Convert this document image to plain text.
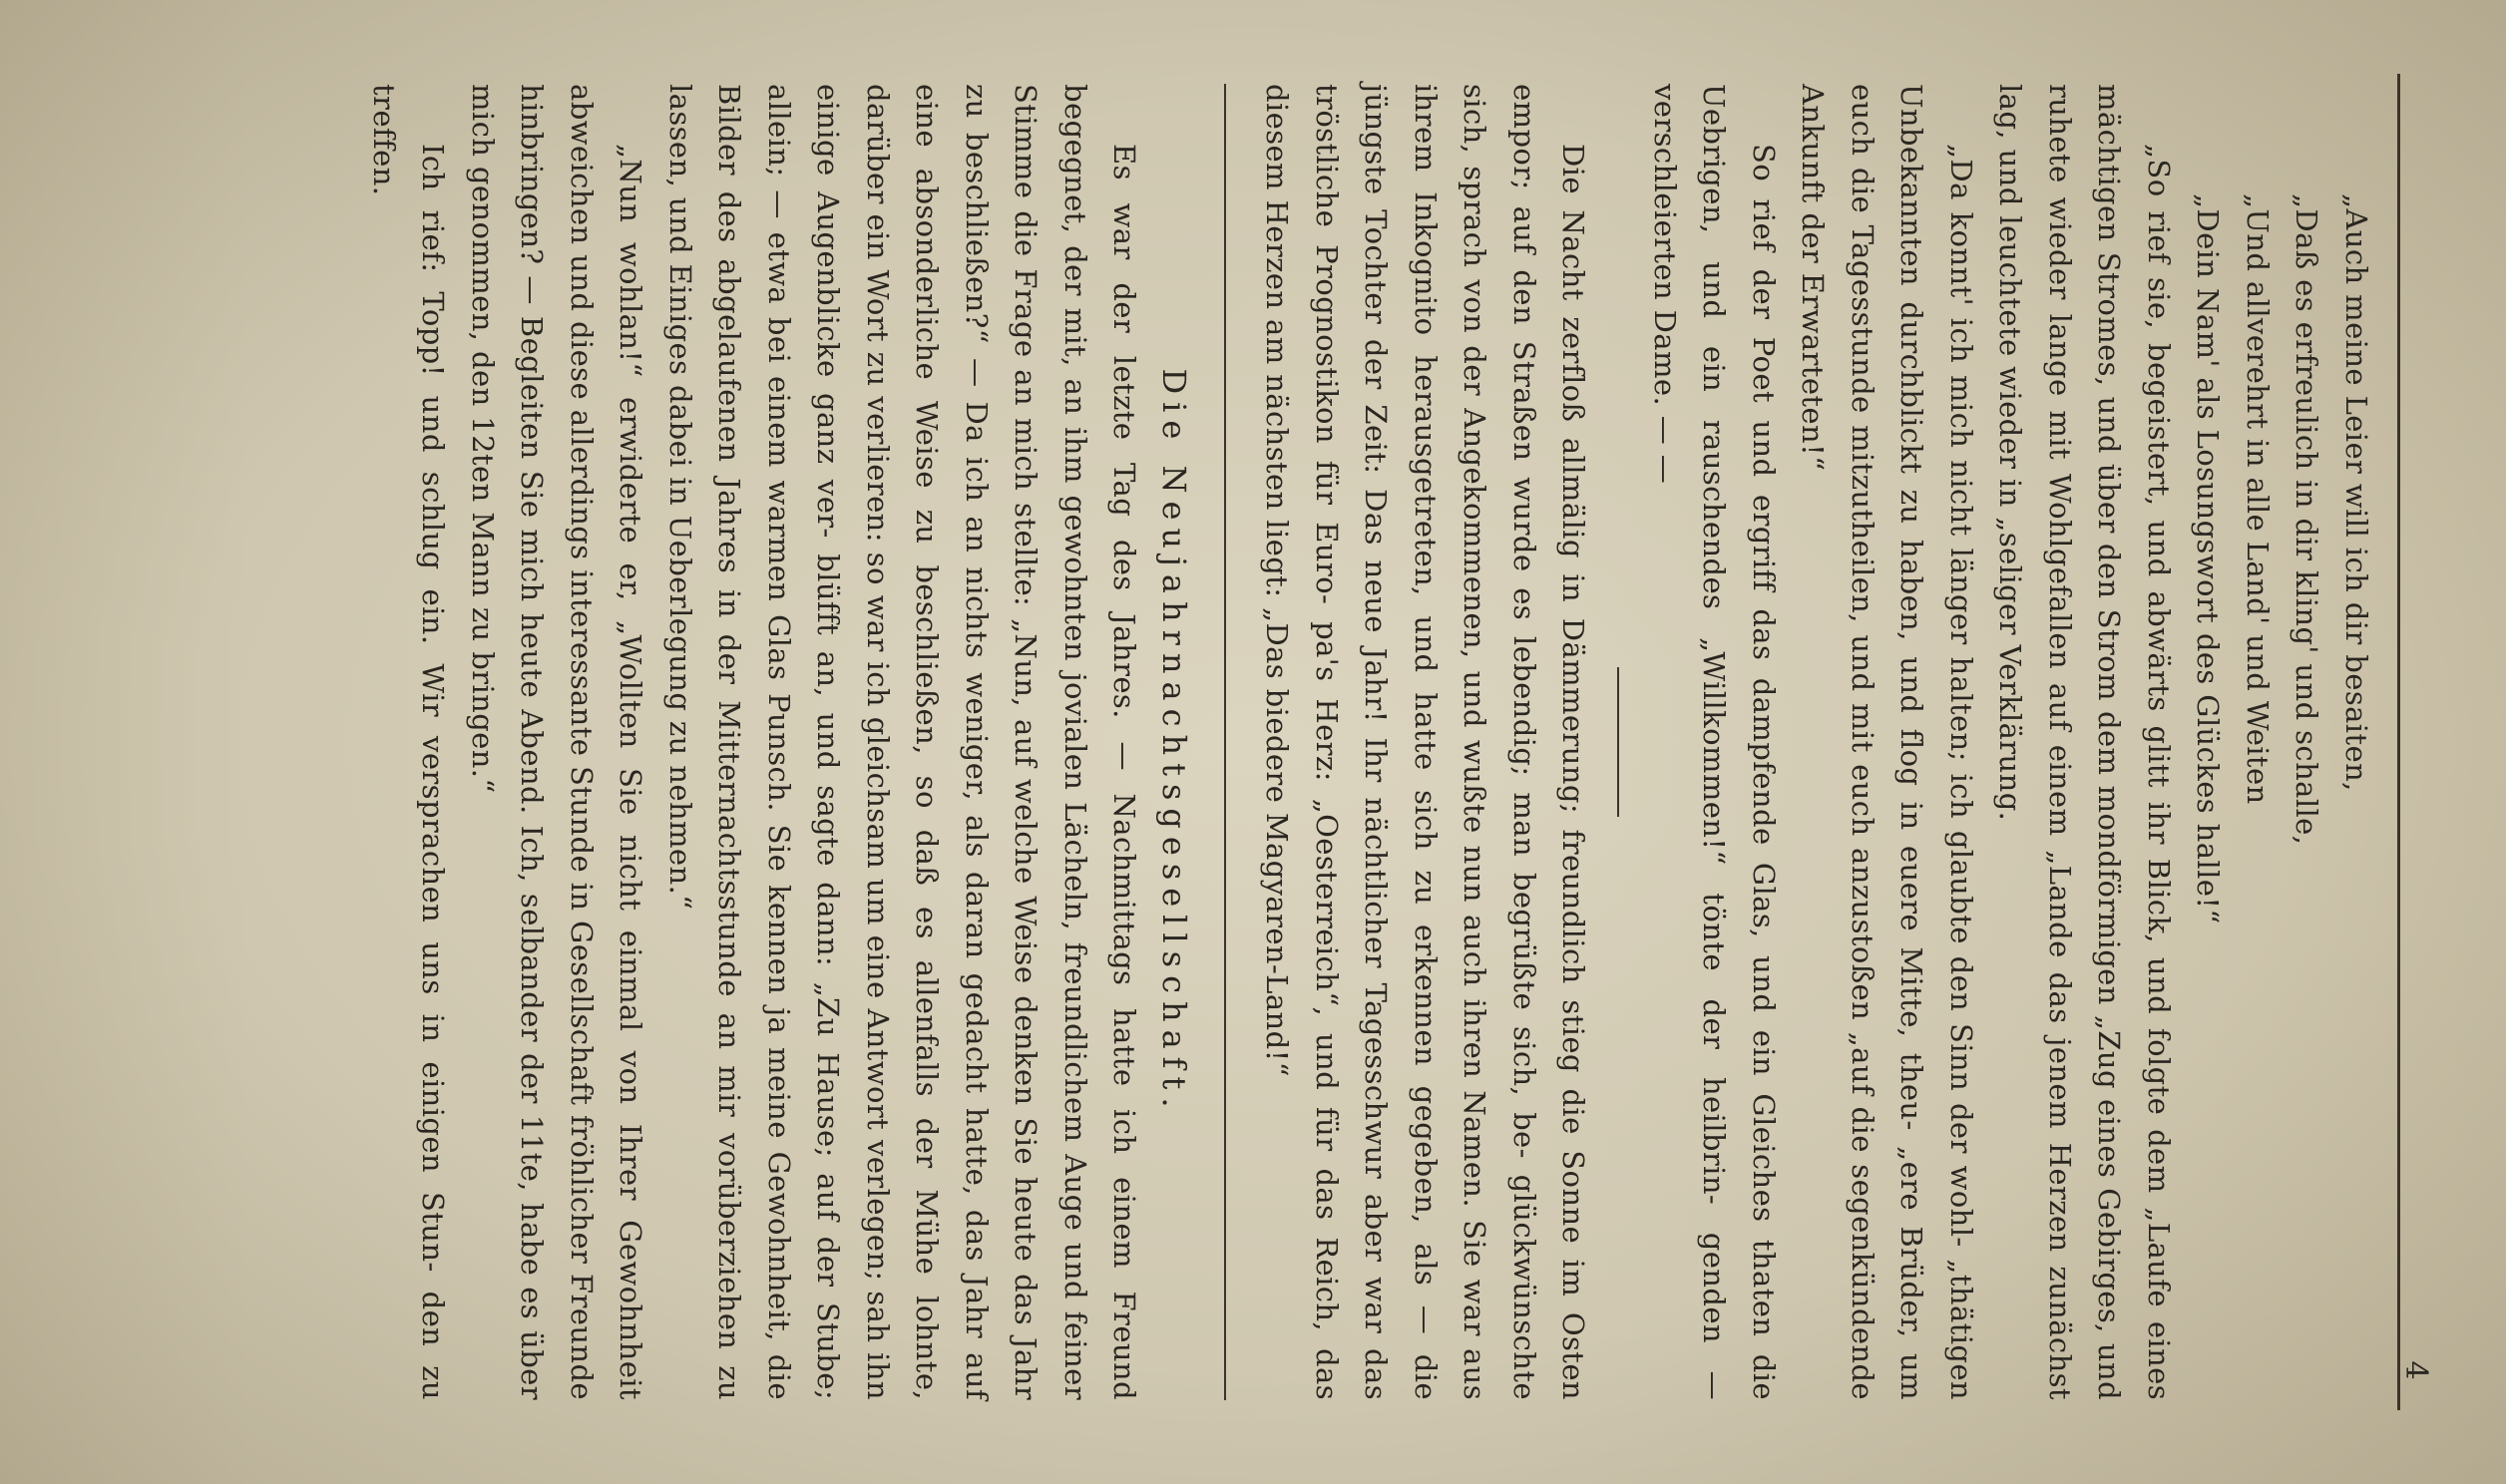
4

„Auch meine Leier will ich dir besaiten,

„Daß es erfreulich in dir kling' und schalle,

„Und allverehrt in alle Land' und Weiten

„Dein Nam' als Losungswort des Glückes halle!“

„So rief sie, begeistert, und abwärts glitt ihr Blick, und folgte dem „Laufe eines mächtigen Stromes, und über den Strom dem mondförmigen „Zug eines Gebirges, und ruhete wieder lange mit Wohlgefallen auf einem „Lande das jenem Herzen zunächst lag, und leuchtete wieder in „seliger Verklärung.

„Da konnt' ich mich nicht länger halten; ich glaubte den Sinn der wohl- „thätigen Unbekannten durchblickt zu haben, und flog in euere Mitte, theu- „ere Brüder, um euch die Tagesstunde mitzutheilen, und mit euch anzustoßen „auf die segenkündende Ankunft der Erwarteten!“

So rief der Poet und ergriff das dampfende Glas, und ein Gleiches thaten die Uebrigen, und ein rauschendes „Willkommen!“ tönte der heilbrin- genden — verschleierten Dame. — —

Die Nacht zerfloß allmälig in Dämmerung; freundlich stieg die Sonne im Osten empor; auf den Straßen wurde es lebendig; man begrüßte sich, be- glückwünschte sich, sprach von der Angekommenen, und wußte nun auch ihren Namen. Sie war aus ihrem Inkognito herausgetreten, und hatte sich zu erkennen gegeben, als — die jüngste Tochter der Zeit: Das neue Jahr! Ihr nächtlicher Tagesschwur aber war das tröstliche Prognostikon für Euro- pa's Herz: „Oesterreich“, und für das Reich, das diesem Herzen am nächsten liegt: „Das biedere Magyaren-Land!“

Die Neujahrnachtsgesellschaft.

Es war der letzte Tag des Jahres. — Nachmittags hatte ich einem Freund begegnet, der mit, an ihm gewohnten jovialen Lächeln, freundlichem Auge und feiner Stimme die Frage an mich stellte: „Nun, auf welche Weise denken Sie heute das Jahr zu beschließen?“ — Da ich an nichts weniger, als daran gedacht hatte, das Jahr auf eine absonderliche Weise zu beschließen, so daß es allenfalls der Mühe lohnte, darüber ein Wort zu verlieren: so war ich gleichsam um eine Antwort verlegen; sah ihn einige Augenblicke ganz ver- blüfft an, und sagte dann: „Zu Hause; auf der Stube; allein; — etwa bei einem warmen Glas Punsch. Sie kennen ja meine Gewohnheit, die Bilder des abgelaufenen Jahres in der Mitternachtsstunde an mir vorüberziehen zu lassen, und Einiges dabei in Ueberlegung zu nehmen.“

„Nun wohlan!“ erwiderte er, „Wollten Sie nicht einmal von Ihrer Gewohnheit abweichen und diese allerdings interessante Stunde in Gesellschaft fröhlicher Freunde hinbringen? — Begleiten Sie mich heute Abend. Ich, selbander der 11te, habe es über mich genommen, den 12ten Mann zu bringen.“

Ich rief: Topp! und schlug ein. Wir versprachen uns in einigen Stun- den zu treffen.
